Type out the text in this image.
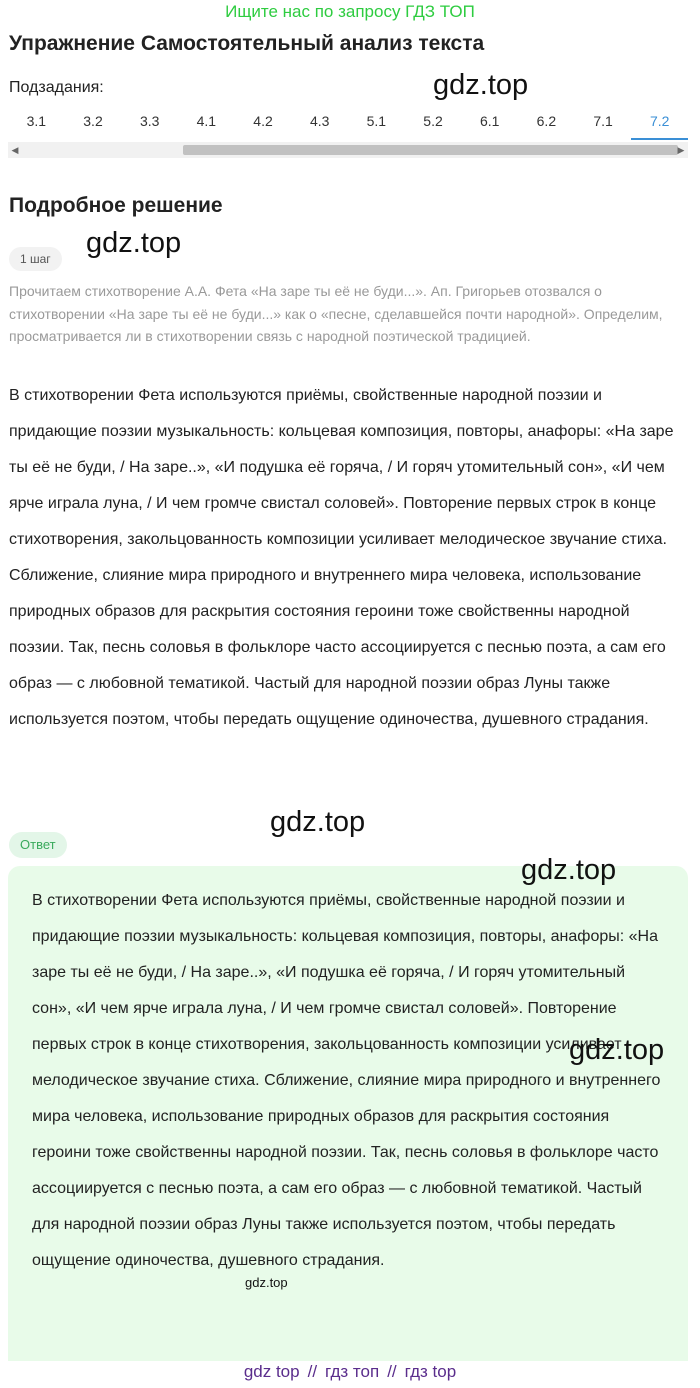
Ищите нас по запросу ГДЗ ТОП
Упражнение Самостоятельный анализ текста
Подзадания:
3.1	3.2	3.3	4.1	4.2	4.3	5.1	5.2	6.1	6.2	7.1	7.2
◀	▶
Подробное решение
1 шаг
Прочитаем стихотворение А.А. Фета «На заре ты её не буди...». Ап. Григорьев отозвался о стихотворении «На заре ты её не буди...» как о «песне, сделавшейся почти народной». Определим, просматривается ли в стихотворении связь с народной поэтической традицией.
В стихотворении Фета используются приёмы, свойственные народной поэзии и придающие поэзии музыкальность: кольцевая композиция, повторы, анафоры: «На заре ты её не буди, / На заре..», «И подушка её горяча, / И горяч утомительный сон», «И чем ярче играла луна, / И чем громче свистал соловей». Повторение первых строк в конце стихотворения, закольцованность композиции усиливает мелодическое звучание стиха. Сближение, слияние мира природного и внутреннего мира человека, использование природных образов для раскрытия состояния героини тоже свойственны народной поэзии. Так, песнь соловья в фольклоре часто ассоциируется с песнью поэта, а сам его образ — с любовной тематикой. Частый для народной поэзии образ Луны также используется поэтом, чтобы передать ощущение одиночества, душевного страдания.
Ответ
В стихотворении Фета используются приёмы, свойственные народной поэзии и придающие поэзии музыкальность: кольцевая композиция, повторы, анафоры: «На заре ты её не буди, / На заре..», «И подушка её горяча, / И горяч утомительный сон», «И чем ярче играла луна, / И чем громче свистал соловей». Повторение первых строк в конце стихотворения, закольцованность композиции усиливает мелодическое звучание стиха. Сближение, слияние мира природного и внутреннего мира человека, использование природных образов для раскрытия состояния героини тоже свойственны народной поэзии. Так, песнь соловья в фольклоре часто ассоциируется с песнью поэта, а сам его образ — с любовной тематикой. Частый для народной поэзии образ Луны также используется поэтом, чтобы передать ощущение одиночества, душевного страдания.
gdz.top
gdz.top
gdz.top
gdz.top
gdz.top
gdz.top
gdz top // гдз топ // гдз top
